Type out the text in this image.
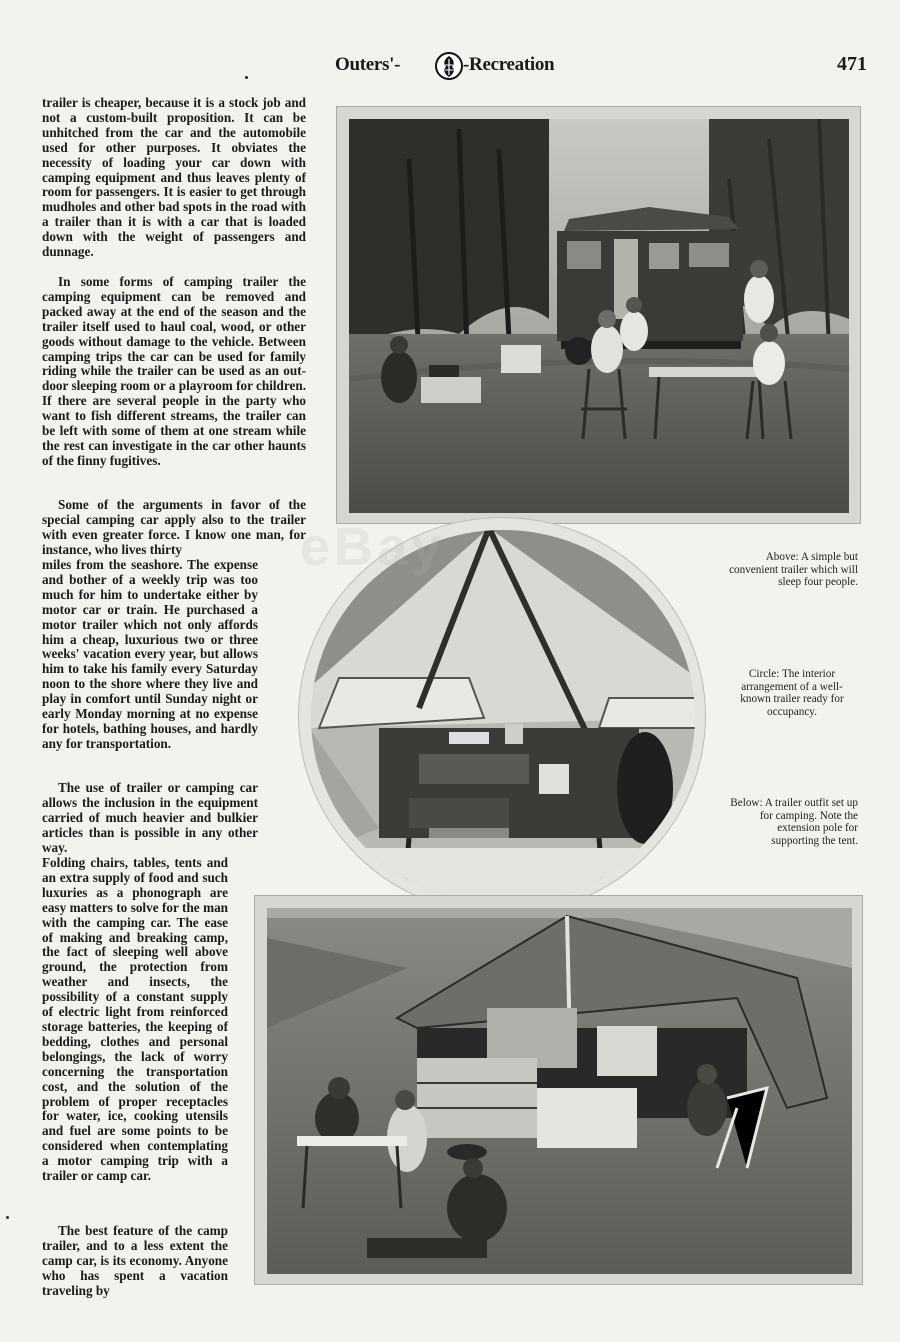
Outers'-	-Recreation	471

trailer is cheaper, because it is a stock job and not a custom-built proposition. It can be unhitched from the car and the automobile used for other purposes. It obviates the necessity of loading your car down with camping equipment and thus leaves plenty of room for passengers. It is easier to get through mudholes and other bad spots in the road with a trailer than it is with a car that is loaded down with the weight of passengers and dunnage.

In some forms of camping trailer the camping equipment can be removed and packed away at the end of the season and the trailer itself used to haul coal, wood, or other goods without damage to the vehicle. Between camping trips the car can be used for family riding while the trailer can be used as an out-door sleeping room or a playroom for children. If there are several people in the party who want to fish different streams, the trailer can be left with some of them at one stream while the rest can investigate in the car other haunts of the finny fugitives.

Some of the arguments in favor of the special camping car apply also to the trailer with even greater force. I know one man, for instance, who lives thirty

miles from the seashore. The expense and bother of a weekly trip was too much for him to undertake either by motor car or train. He purchased a motor trailer which not only affords him a cheap, luxurious two or three weeks' vacation every year, but allows him to take his family every Saturday noon to the shore where they live and play in comfort until Sunday night or early Monday morning at no expense for hotels, bathing houses, and hardly any for transportation.

The use of trailer or camping car allows the inclusion in the equipment carried of much heavier and bulkier articles than is possible in any other way.

Folding chairs, tables, tents and an extra supply of food and such luxuries as a phonograph are easy matters to solve for the man with the camping car. The ease of making and breaking camp, the fact of sleeping well above ground, the protection from weather and insects, the possibility of a constant supply of electric light from reinforced storage batteries, the keeping of bedding, clothes and personal belongings, the lack of worry concerning the transportation cost, and the solution of the problem of proper receptacles for water, ice, cooking utensils and fuel are some points to be considered when contemplating a motor camping trip with a trailer or camp car.

The best feature of the camp trailer, and to a less extent the camp car, is its economy. Anyone who has spent a vacation traveling by

Above: A simple but convenient trailer which will sleep four people.

Circle: The interior arrangement of a well-known trailer ready for occupancy.

Below: A trailer outfit set up for camping. Note the extension pole for supporting the tent.

eBay
